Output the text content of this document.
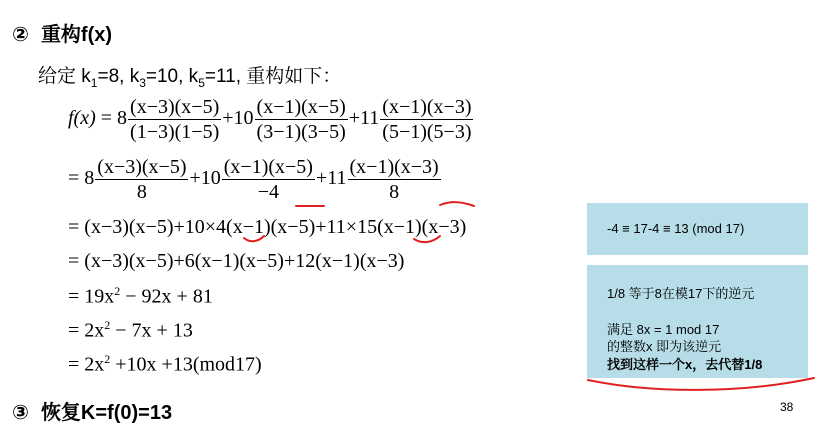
② 重构f(x)
给定 $k_1=8$, $k_3=10$, $k_5=11$, 重构如下：
$f(x) = 8 \frac{(x-3)(x-5)}{(1-3)(1-5)} +10 \frac{(x-1)(x-5)}{(3-1)(3-5)} +11 \frac{(x-1)(x-3)}{(5-1)(5-3)}$
= $8 \frac{(x-3)(x-5)}{8} +10 \frac{(x-1)(x-5)}{-4} +11 \frac{(x-1)(x-3)}{8}$
= (x−3)(x−5)+10×4(x−1)(x−5)+11×15(x−1)(x−3)
= (x−3)(x−5)+6(x−1)(x−5)+12(x−1)(x−3)
= $19x^2 - 92x + 81$
= $2x^2 - 7x + 13$
= $2x^2 +10x +13(mod17)$
③ 恢复K=f(0)=13
-4 ≡ 17-4 ≡ 13 (mod 17)
1/8 等于8在模17下的逆元
满足 8x = 1 mod 17
的整数x 即为该逆元
找到这样一个x，去代替1/8
38
